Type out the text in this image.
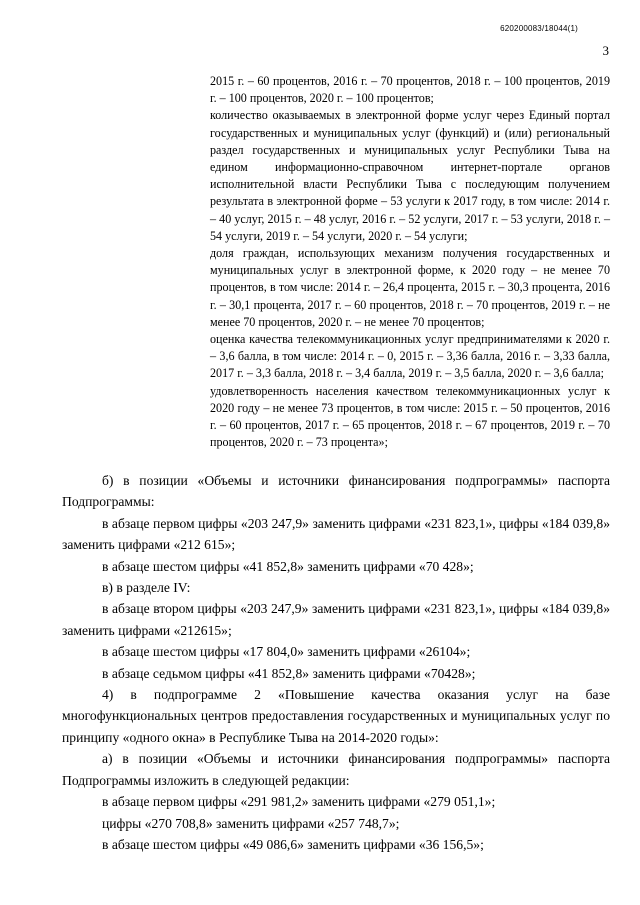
620200083/18044(1)
3

2015 г. – 60 процентов, 2016 г. – 70 процентов, 2018 г. – 100 процентов, 2019 г. – 100 процентов, 2020 г. – 100 процентов;

количество оказываемых в электронной форме услуг через Единый портал государственных и муниципальных услуг (функций) и (или) региональный раздел государственных и муниципальных услуг Республики Тыва на едином информационно-справочном интернет-портале органов исполнительной власти Республики Тыва с последующим получением результата в электронной форме – 53 услуги к 2017 году, в том числе: 2014 г. – 40 услуг, 2015 г. – 48 услуг, 2016 г. – 52 услуги, 2017 г. – 53 услуги, 2018 г. – 54 услуги, 2019 г. – 54 услуги, 2020 г. – 54 услуги;

доля граждан, использующих механизм получения государственных и муниципальных услуг в электронной форме, к 2020 году – не менее 70 процентов, в том числе: 2014 г. – 26,4 процента, 2015 г. – 30,3 процента, 2016 г. – 30,1 процента, 2017 г. – 60 процентов, 2018 г. – 70 процентов, 2019 г. – не менее 70 процентов, 2020 г. – не менее 70 процентов;

оценка качества телекоммуникационных услуг предпринимателями к 2020 г. – 3,6 балла, в том числе: 2014 г. – 0, 2015 г. – 3,36 балла, 2016 г. – 3,33 балла, 2017 г. – 3,3 балла, 2018 г. – 3,4 балла, 2019 г. – 3,5 балла, 2020 г. – 3,6 балла;

удовлетворенность населения качеством телекоммуникационных услуг к 2020 году – не менее 73 процентов, в том числе: 2015 г. – 50 процентов, 2016 г. – 60 процентов, 2017 г. – 65 процентов, 2018 г. – 67 процентов, 2019 г. – 70 процентов, 2020 г. – 73 процента»;

б) в позиции «Объемы и источники финансирования подпрограммы» паспорта Подпрограммы:

в абзаце первом цифры «203 247,9» заменить цифрами «231 823,1», цифры «184 039,8» заменить цифрами «212 615»;

в абзаце шестом цифры «41 852,8» заменить цифрами «70 428»;

в) в разделе IV:

в абзаце втором цифры «203 247,9» заменить цифрами «231 823,1», цифры «184 039,8» заменить цифрами «212615»;

в абзаце шестом цифры «17 804,0» заменить цифрами «26104»;

в абзаце седьмом цифры «41 852,8» заменить цифрами «70428»;

4) в подпрограмме 2 «Повышение качества оказания услуг на базе многофункциональных центров предоставления государственных и муниципальных услуг по принципу «одного окна» в Республике Тыва на 2014-2020 годы»:

а) в позиции «Объемы и источники финансирования подпрограммы» паспорта Подпрограммы изложить в следующей редакции:

в абзаце первом цифры «291 981,2» заменить цифрами «279 051,1»;

цифры «270 708,8» заменить цифрами «257 748,7»;

в абзаце шестом цифры «49 086,6» заменить цифрами «36 156,5»;
